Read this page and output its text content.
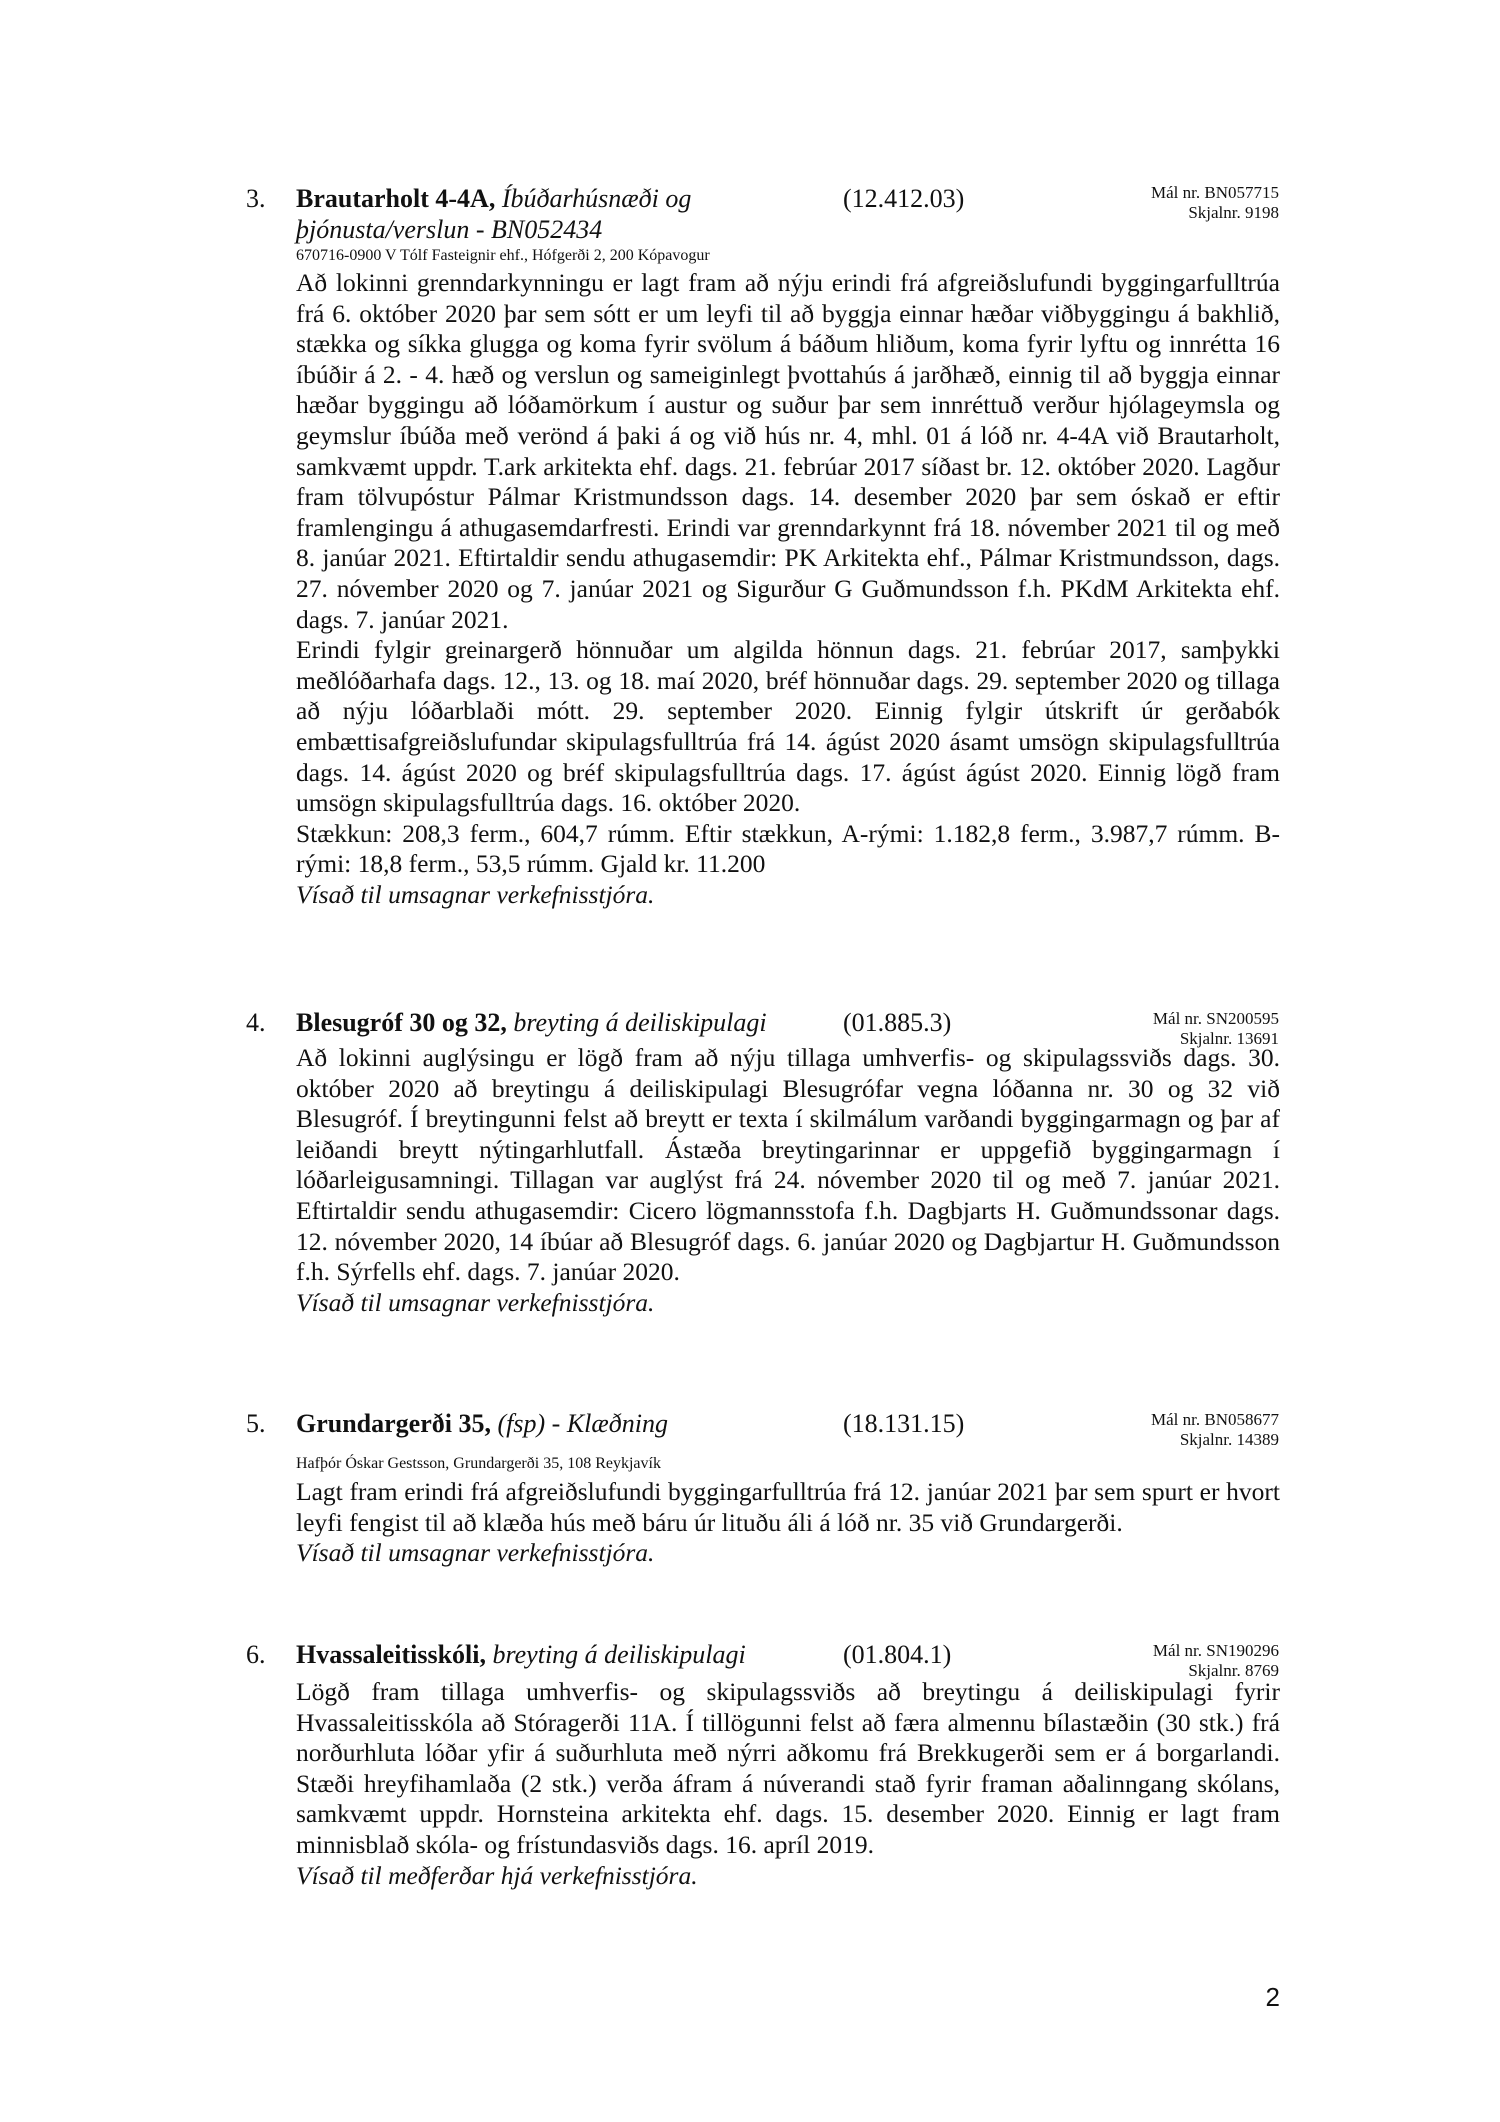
3. Brautarholt 4-4A, Íbúðarhúsnæði og
þjónusta/verslun - BN052434
(12.412.03)	Mál nr. BN057715
Skjalnr. 9198
670716-0900 V Tólf Fasteignir ehf., Hófgerði 2, 200 Kópavogur

Að lokinni grenndarkynningu er lagt fram að nýju erindi frá afgreiðslufundi byggingarfulltrúa frá 6. október 2020 þar sem sótt er um leyfi til að byggja einnar hæðar viðbyggingu á bakhlið, stækka og síkka glugga og koma fyrir svölum á báðum hliðum, koma fyrir lyftu og innrétta 16 íbúðir á 2. - 4. hæð og verslun og sameiginlegt þvottahús á jarðhæð, einnig til að byggja einnar hæðar byggingu að lóðamörkum í austur og suður þar sem innréttuð verður hjólageymsla og geymslur íbúða með verönd á þaki á og við hús nr. 4, mhl. 01 á lóð nr. 4-4A við Brautarholt, samkvæmt uppdr. T.ark arkitekta ehf. dags. 21. febrúar 2017 síðast br. 12. október 2020. Lagður fram tölvupóstur Pálmar Kristmundsson dags. 14. desember 2020 þar sem óskað er eftir framlengingu á athugasemdarfresti. Erindi var grenndarkynnt frá 18. nóvember 2021 til og með 8. janúar 2021. Eftirtaldir sendu athugasemdir: PK Arkitekta ehf., Pálmar Kristmundsson, dags. 27. nóvember 2020 og 7. janúar 2021 og Sigurður G Guðmundsson f.h. PKdM Arkitekta ehf. dags. 7. janúar 2021.

Erindi fylgir greinargerð hönnuðar um algilda hönnun dags. 21. febrúar 2017, samþykki meðlóðarhafa dags. 12., 13. og 18. maí 2020, bréf hönnuðar dags. 29. september 2020 og tillaga að nýju lóðarblaði mótt. 29. september 2020. Einnig fylgir útskrift úr gerðabók embættisafgreiðslufundar skipulagsfulltrúa frá 14. ágúst 2020 ásamt umsögn skipulagsfulltrúa dags. 14. ágúst 2020 og bréf skipulagsfulltrúa dags. 17. ágúst ágúst 2020. Einnig lögð fram umsögn skipulagsfulltrúa dags. 16. október 2020.

Stækkun: 208,3 ferm., 604,7 rúmm. Eftir stækkun, A-rými: 1.182,8 ferm., 3.987,7 rúmm. B-rými: 18,8 ferm., 53,5 rúmm. Gjald kr. 11.200

Vísað til umsagnar verkefnisstjóra.

4. Blesugróf 30 og 32, breyting á deiliskipulagi	(01.885.3)	Mál nr. SN200595
Skjalnr. 13691

Að lokinni auglýsingu er lögð fram að nýju tillaga umhverfis- og skipulagssviðs dags. 30. október 2020 að breytingu á deiliskipulagi Blesugrófar vegna lóðanna nr. 30 og 32 við Blesugróf. Í breytingunni felst að breytt er texta í skilmálum varðandi byggingarmagn og þar af leiðandi breytt nýtingarhlutfall. Ástæða breytingarinnar er uppgefið byggingarmagn í lóðarleigusamningi. Tillagan var auglýst frá 24. nóvember 2020 til og með 7. janúar 2021. Eftirtaldir sendu athugasemdir: Cicero lögmannsstofa f.h. Dagbjarts H. Guðmundssonar dags. 12. nóvember 2020, 14 íbúar að Blesugróf dags. 6. janúar 2020 og Dagbjartur H. Guðmundsson f.h. Sýrfells ehf. dags. 7. janúar 2020.

Vísað til umsagnar verkefnisstjóra.

5. Grundargerði 35, (fsp) - Klæðning	(18.131.15)	Mál nr. BN058677
Skjalnr. 14389
Hafþór Óskar Gestsson, Grundargerði 35, 108 Reykjavík

Lagt fram erindi frá afgreiðslufundi byggingarfulltrúa frá 12. janúar 2021 þar sem spurt er hvort leyfi fengist til að klæða hús með báru úr lituðu áli á lóð nr. 35 við Grundargerði.

Vísað til umsagnar verkefnisstjóra.

6. Hvassaleitisskóli, breyting á deiliskipulagi	(01.804.1)	Mál nr. SN190296
Skjalnr. 8769

Lögð fram tillaga umhverfis- og skipulagssviðs að breytingu á deiliskipulagi fyrir Hvassaleitisskóla að Stóragerði 11A. Í tillögunni felst að færa almennu bílastæðin (30 stk.) frá norðurhluta lóðar yfir á suðurhluta með nýrri aðkomu frá Brekkugerði sem er á borgarlandi. Stæði hreyfihamlaða (2 stk.) verða áfram á núverandi stað fyrir framan aðalinngang skólans, samkvæmt uppdr. Hornsteina arkitekta ehf. dags. 15. desember 2020. Einnig er lagt fram minnisblað skóla- og frístundasviðs dags. 16. apríl 2019.

Vísað til meðferðar hjá verkefnisstjóra.

2
